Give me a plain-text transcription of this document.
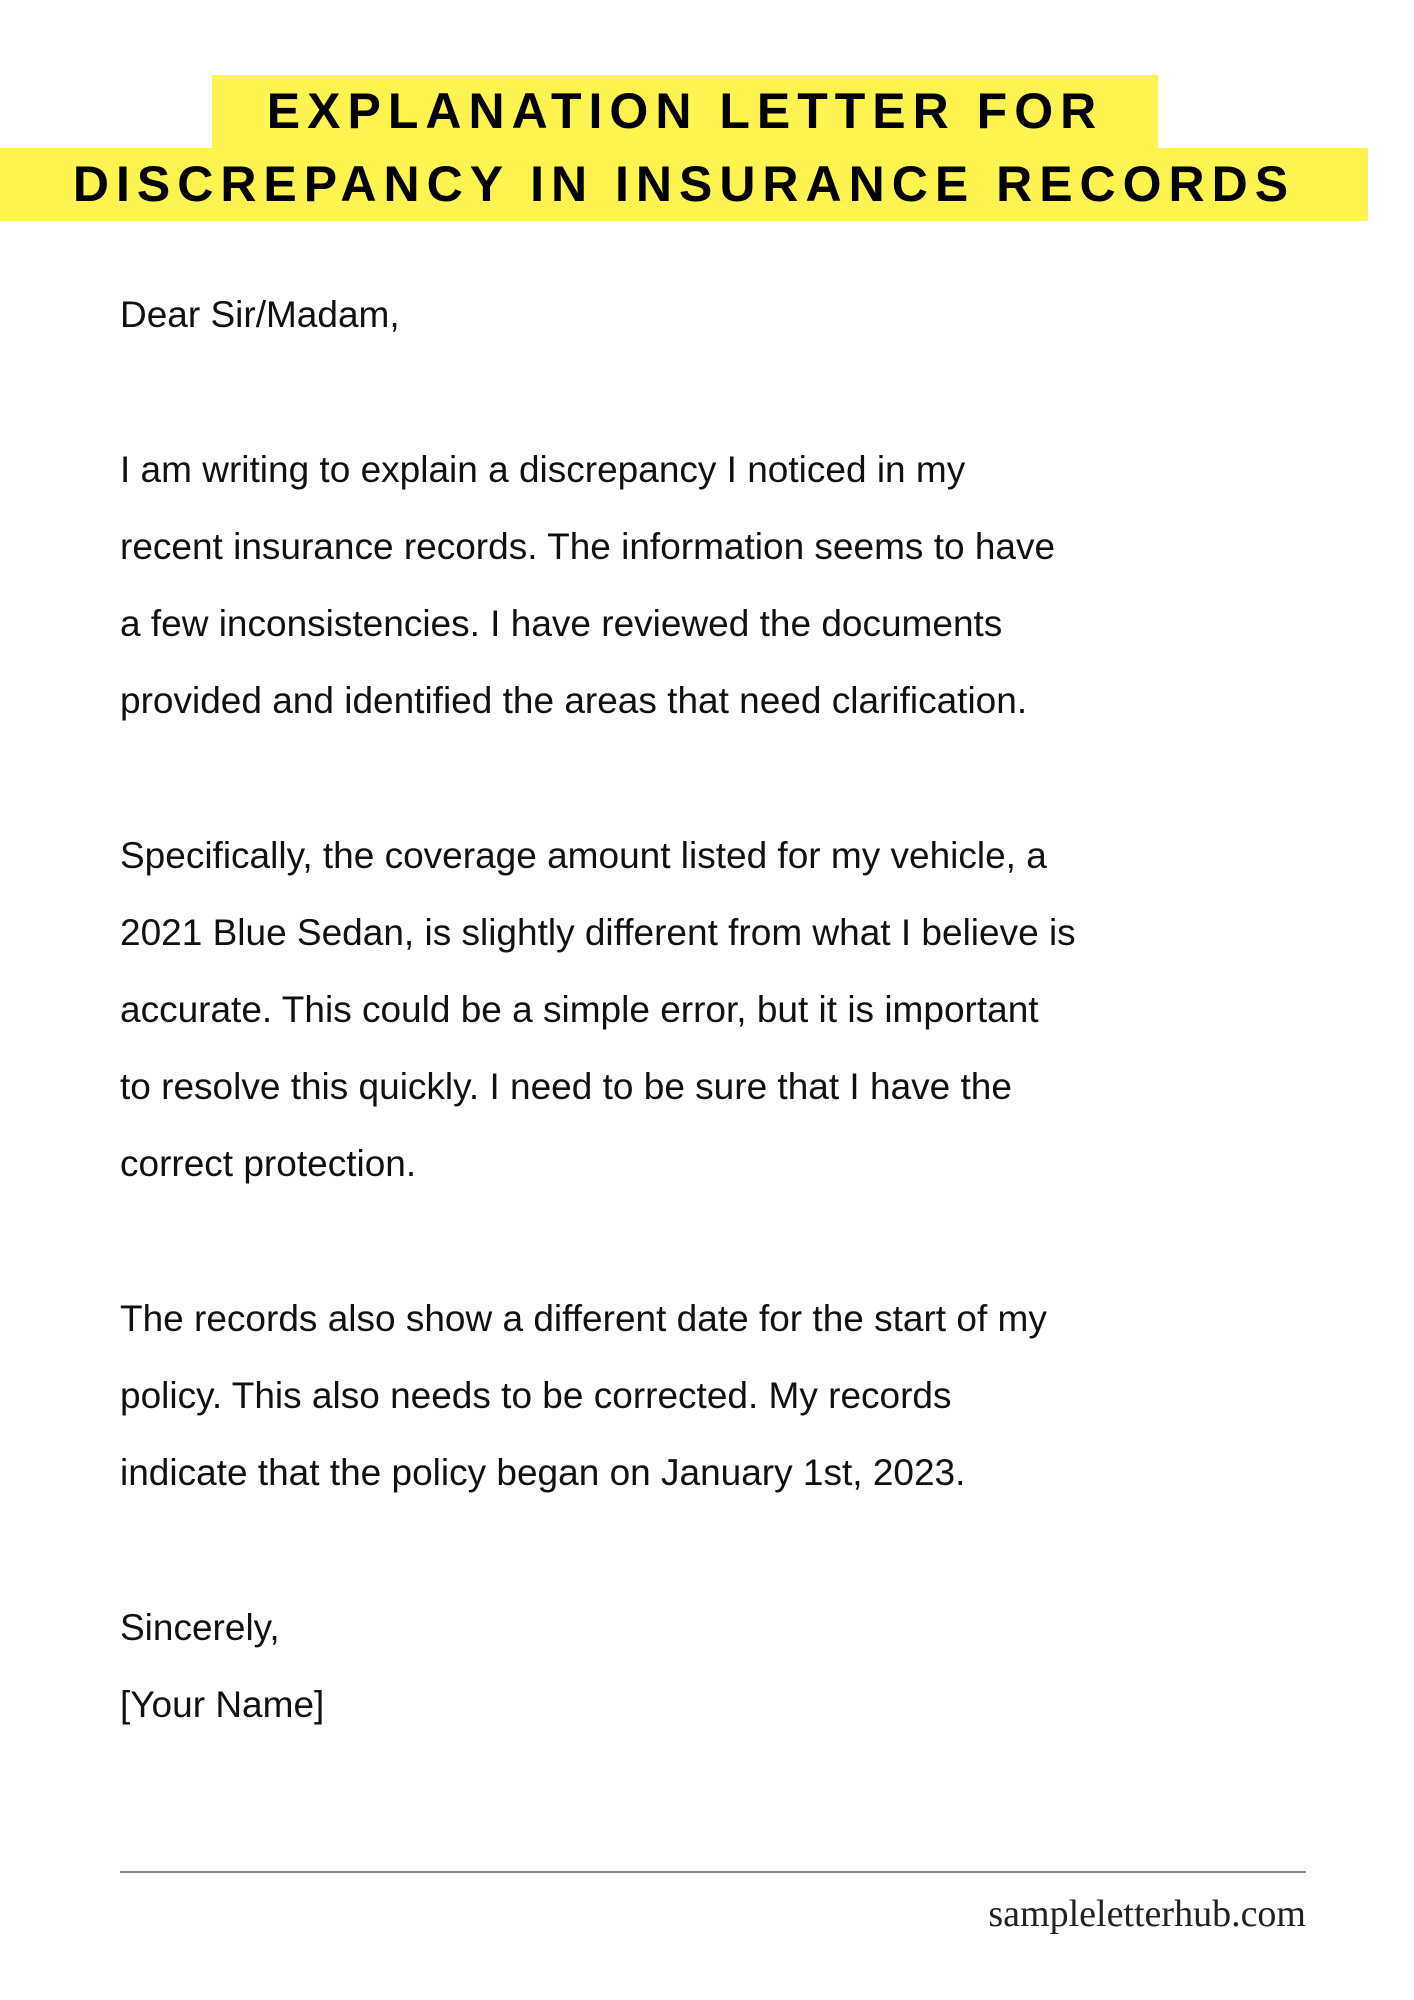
EXPLANATION LETTER FOR
DISCREPANCY IN INSURANCE RECORDS
Dear Sir/Madam,
I am writing to explain a discrepancy I noticed in my
recent insurance records. The information seems to have
a few inconsistencies. I have reviewed the documents
provided and identified the areas that need clarification.
Specifically, the coverage amount listed for my vehicle, a
2021 Blue Sedan, is slightly different from what I believe is
accurate. This could be a simple error, but it is important
to resolve this quickly. I need to be sure that I have the
correct protection.
The records also show a different date for the start of my
policy. This also needs to be corrected. My records
indicate that the policy began on January 1st, 2023.
Sincerely,
[Your Name]
sampleletterhub.com
